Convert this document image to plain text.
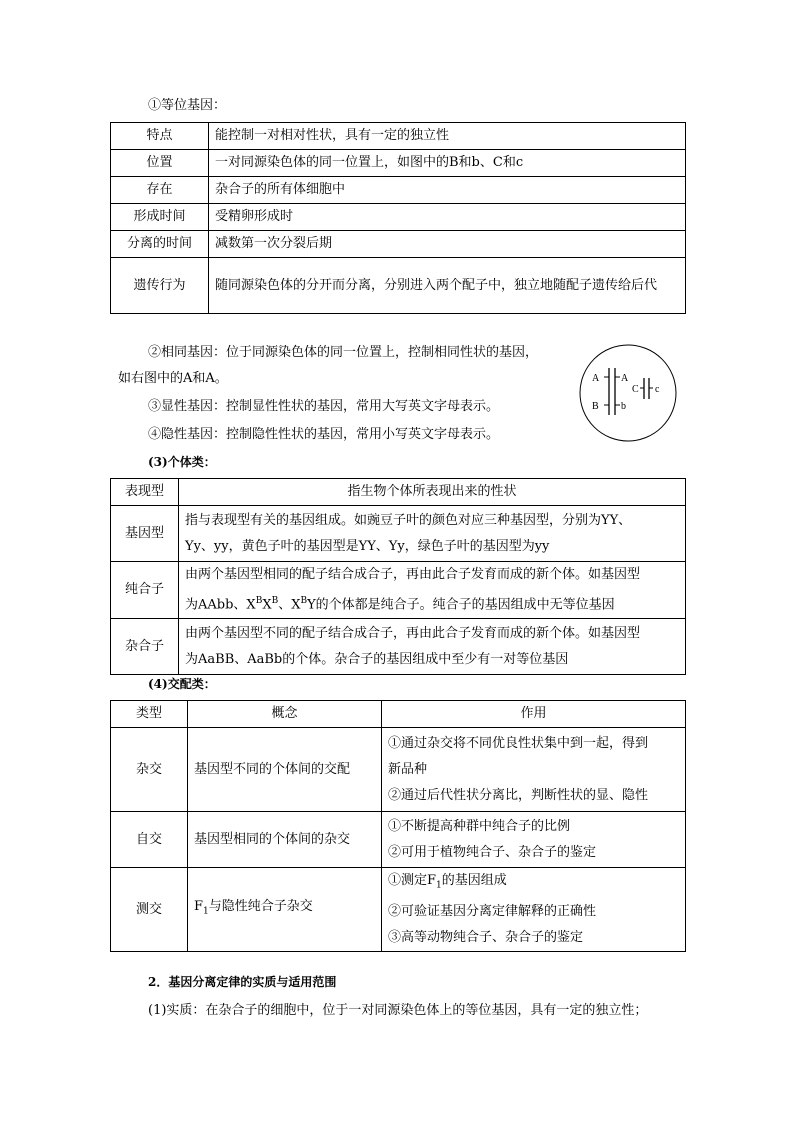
①等位基因：
特点	能控制一对相对性状，具有一定的独立性
位置	一对同源染色体的同一位置上，如图中的B和b、C和c
存在	杂合子的所有体细胞中
形成时间	受精卵形成时
分离的时间	减数第一次分裂后期
遗传行为	随同源染色体的分开而分离，分别进入两个配子中，独立地随配子遗传给后代
②相同基因：位于同源染色体的同一位置上，控制相同性状的基因，
如右图中的A和A。
③显性基因：控制显性性状的基因，常用大写英文字母表示。
④隐性基因：控制隐性性状的基因，常用小写英文字母表示。
A A
B b
C c
(3)个体类：
表现型	指生物个体所表现出来的性状
基因型	指与表现型有关的基因组成。如豌豆子叶的颜色对应三种基因型，分别为YY、
Yy、yy，黄色子叶的基因型是YY、Yy，绿色子叶的基因型为yy

纯合子	由两个基因型相同的配子结合成合子，再由此合子发育而成的新个体。如基因型
为AAbb、$X^BX^B$、$X^BY$的个体都是纯合子。纯合子的基因组成中无等位基因

杂合子	由两个基因型不同的配子结合成合子，再由此合子发育而成的新个体。如基因型
为AaBB、AaBb的个体。杂合子的基因组成中至少有一对等位基因
(4)交配类：
类型	概念	作用
杂交	基因型不同的个体间的交配	①通过杂交将不同优良性状集中到一起，得到
新品种
②通过后代性状分离比，判断性状的显、隐性

自交	基因型相同的个体间的杂交	①不断提高种群中纯合子的比例
②可用于植物纯合子、杂合子的鉴定

测交	$F_1$与隐性纯合子杂交	①测定$F_1$的基因组成
②可验证基因分离定律解释的正确性
③高等动物纯合子、杂合子的鉴定
2．基因分离定律的实质与适用范围
(1)实质：在杂合子的细胞中，位于一对同源染色体上的等位基因，具有一定的独立性；
